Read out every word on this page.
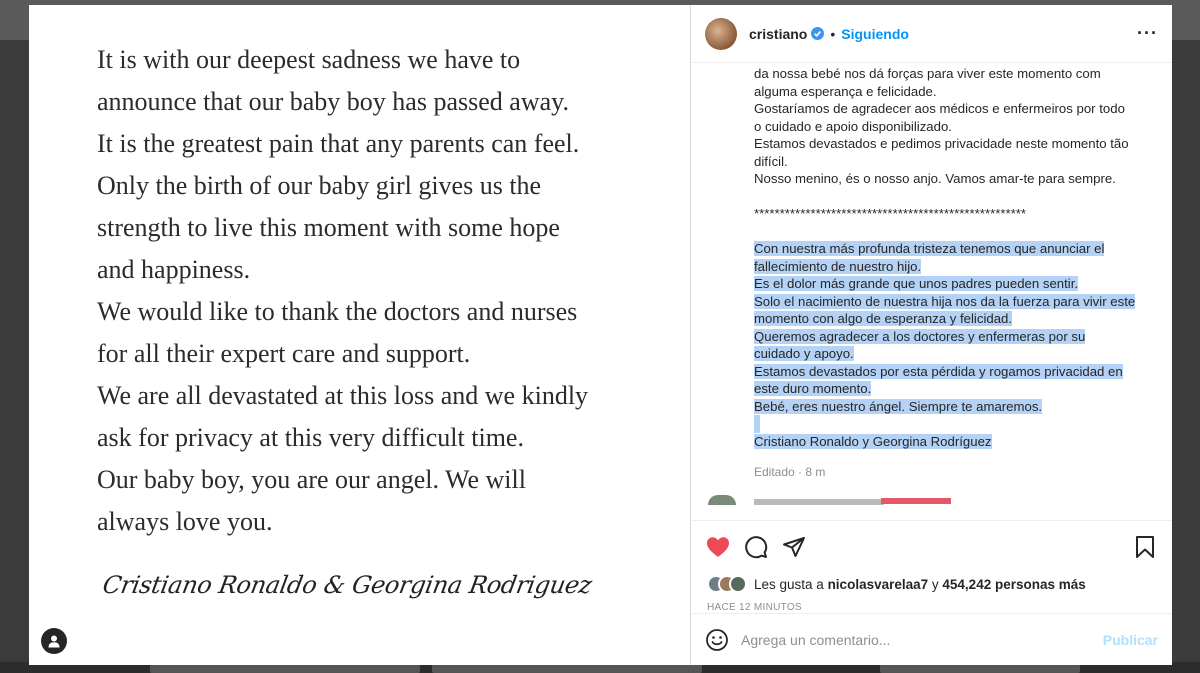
It is with our deepest sadness we have to

announce that our baby boy has passed away.

It is the greatest pain that any parents can feel.

Only the birth of our baby girl gives us the

strength to live this moment with some hope

and happiness.

We would like to thank the doctors and nurses

for all their expert care and support.

We are all devastated at this loss and we kindly

ask for privacy at this very difficult time.

Our baby boy, you are our angel. We will

always love you.

Cristiano Ronaldo & Georgina Rodriguez
cristiano • Siguiendo	···
da nossa bebé nos dá forças para viver este momento com
alguma esperança e felicidade.
Gostaríamos de agradecer aos médicos e enfermeiros por todo
o cuidado e apoio disponibilizado.
Estamos devastados e pedimos privacidade neste momento tão
difícil.
Nosso menino, és o nosso anjo. Vamos amar-te para sempre.
*****************************************************
Con nuestra más profunda tristeza tenemos que anunciar el
fallecimiento de nuestro hijo.
Es el dolor más grande que unos padres pueden sentir.
Solo el nacimiento de nuestra hija nos da la fuerza para vivir este
momento con algo de esperanza y felicidad.
Queremos agradecer a los doctores y enfermeras por su
cuidado y apoyo.
Estamos devastados por esta pérdida y rogamos privacidad en
este duro momento.
Bebé, eres nuestro ángel. Siempre te amaremos.

Cristiano Ronaldo y Georgina Rodríguez
Editado · 8 m
Les gusta a nicolasvarelaa7 y 454,242 personas más
HACE 12 MINUTOS
Agrega un comentario...
Publicar
